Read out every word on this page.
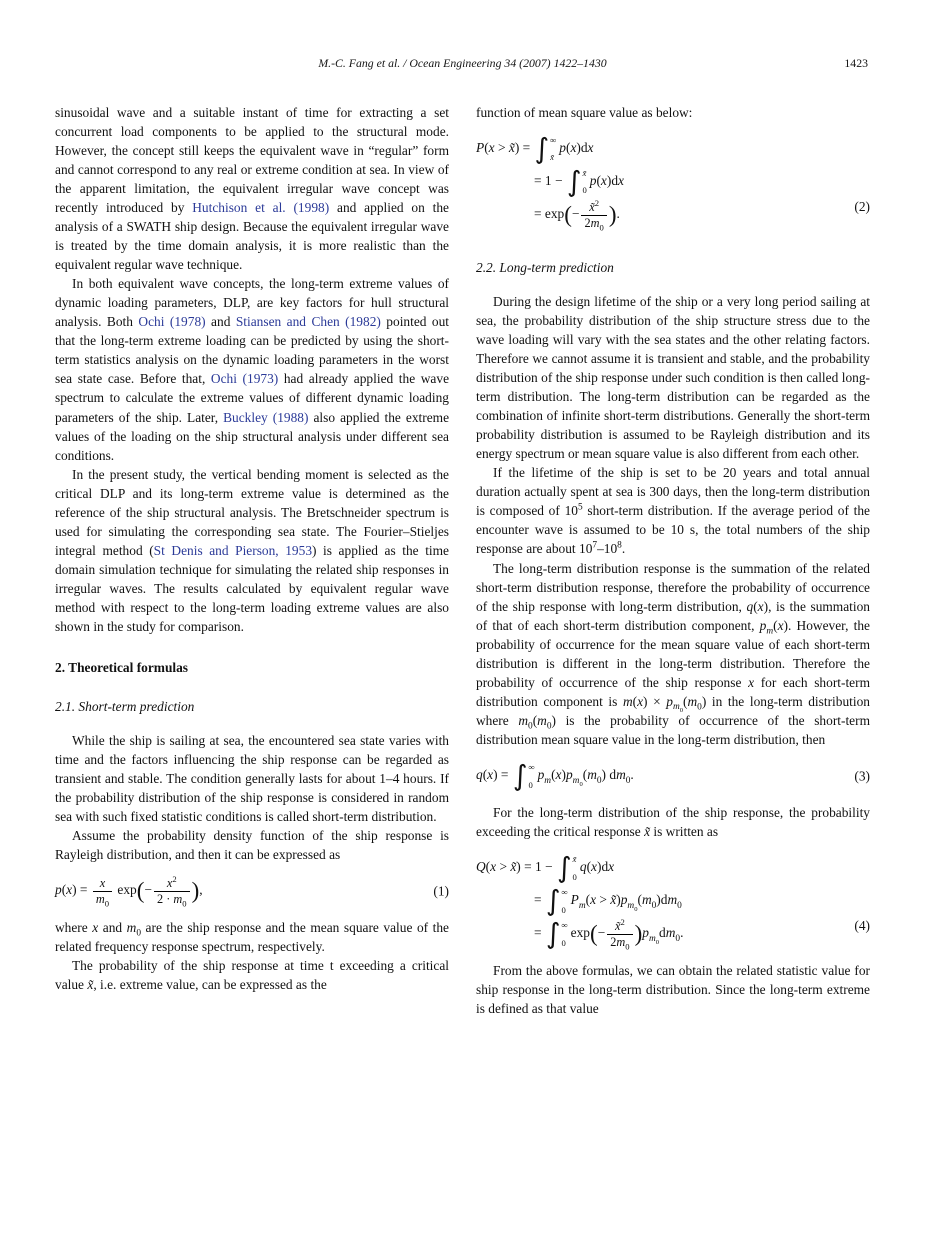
M.-C. Fang et al. / Ocean Engineering 34 (2007) 1422–1430	1423

sinusoidal wave and a suitable instant of time for extracting a set concurrent load components to be applied to the structural mode. However, the concept still keeps the equivalent wave in “regular” form and cannot correspond to any real or extreme condition at sea. In view of the apparent limitation, the equivalent irregular wave concept was recently introduced by Hutchison et al. (1998) and applied on the analysis of a SWATH ship design. Because the equivalent irregular wave is treated by the time domain analysis, it is more realistic than the equivalent regular wave technique.

In both equivalent wave concepts, the long-term extreme values of dynamic loading parameters, DLP, are key factors for hull structural analysis. Both Ochi (1978) and Stiansen and Chen (1982) pointed out that the long-term extreme loading can be predicted by using the short-term statistics analysis on the dynamic loading parameters in the worst sea state case. Before that, Ochi (1973) had already applied the wave spectrum to calculate the extreme values of different dynamic loading parameters of the ship. Later, Buckley (1988) also applied the extreme values of the loading on the ship structural analysis under different sea conditions.

In the present study, the vertical bending moment is selected as the critical DLP and its long-term extreme value is determined as the reference of the ship structural analysis. The Bretschneider spectrum is used for simulating the corresponding sea state. The Fourier–Stieljes integral method (St Denis and Pierson, 1953) is applied as the time domain simulation technique for simulating the related ship responses in irregular waves. The results calculated by equivalent regular wave method with respect to the long-term loading extreme values are also shown in the study for comparison.

2. Theoretical formulas
2.1. Short-term prediction

While the ship is sailing at sea, the encountered sea state varies with time and the factors influencing the ship response can be regarded as transient and stable. The condition generally lasts for about 1–4 hours. If the probability distribution of the ship response is considered in random sea with such fixed statistic conditions is called short-term distribution.

Assume the probability density function of the ship response is Rayleigh distribution, and then it can be expressed as

$p(x) = \frac{x}{m_0} \exp(- \frac{x^2}{2 \cdot m_0}$ ),	(1)

where x and $m_0$ are the ship response and the mean square value of the related frequency response spectrum, respectively.

The probability of the ship response at time t exceeding a critical value x̃, i.e. extreme value, can be expressed as the

function of mean square value as below:

P(x > x̃) = ∫ ∞
x̃
p(x)dx
= 1 − ∫ x̃
0
p(x)dx
= $\exp(- \frac{x̃^2}{2m_0}$ ).	(2)
2.2. Long-term prediction

During the design lifetime of the ship or a very long period sailing at sea, the probability distribution of the ship structure stress due to the wave loading will vary with the sea states and the other relating factors. Therefore we cannot assume it is transient and stable, and the probability distribution of the ship response under such condition is then called long-term distribution. The long-term distribution can be regarded as the combination of infinite short-term distributions. Generally the short-term probability distribution is assumed to be Rayleigh distribution and its energy spectrum or mean square value is also different from each other.

If the lifetime of the ship is set to be 20 years and total annual duration actually spent at sea is 300 days, then the long-term distribution is composed of $10^5$ short-term distribution. If the average period of the encounter wave is assumed to be 10 s, the total numbers of the ship response are about $10^7-10^8$.

The long-term distribution response is the summation of the related short-term distribution response, therefore the probability of occurrence of the ship response with long-term distribution, q(x), is the summation of that of each short-term distribution component, $p_m(x)$. However, the probability of occurrence for the mean square value of each short-term distribution is different in the long-term distribution. Therefore the probability of occurrence of the ship response x for each short-term distribution component is $m(x) \times p_{m_0}(m_0)$ in the long-term distribution where $m_0(m_0)$ is the probability of occurrence of the short-term distribution mean square value in the long-term distribution, then

q(x) = ∫ ∞
0
$p_m(x)p_{m_0}(m_0)$ $dm_0$.	(3)

For the long-term distribution of the ship response, the probability exceeding the critical response x̃ is written as

Q(x > x̃) = 1 − ∫ x̃
0
q(x)dx
= ∫ ∞
0
$P_m(x$ > $x̃)p_{m_0}(m_0)dm_0$
= ∫ ∞
0
$\exp(- \frac{x̃^2}{2m_0} )p_{m_0}dm_0$.	(4)

From the above formulas, we can obtain the related statistic value for ship response in the long-term distribution. Since the long-term extreme is defined as that value
